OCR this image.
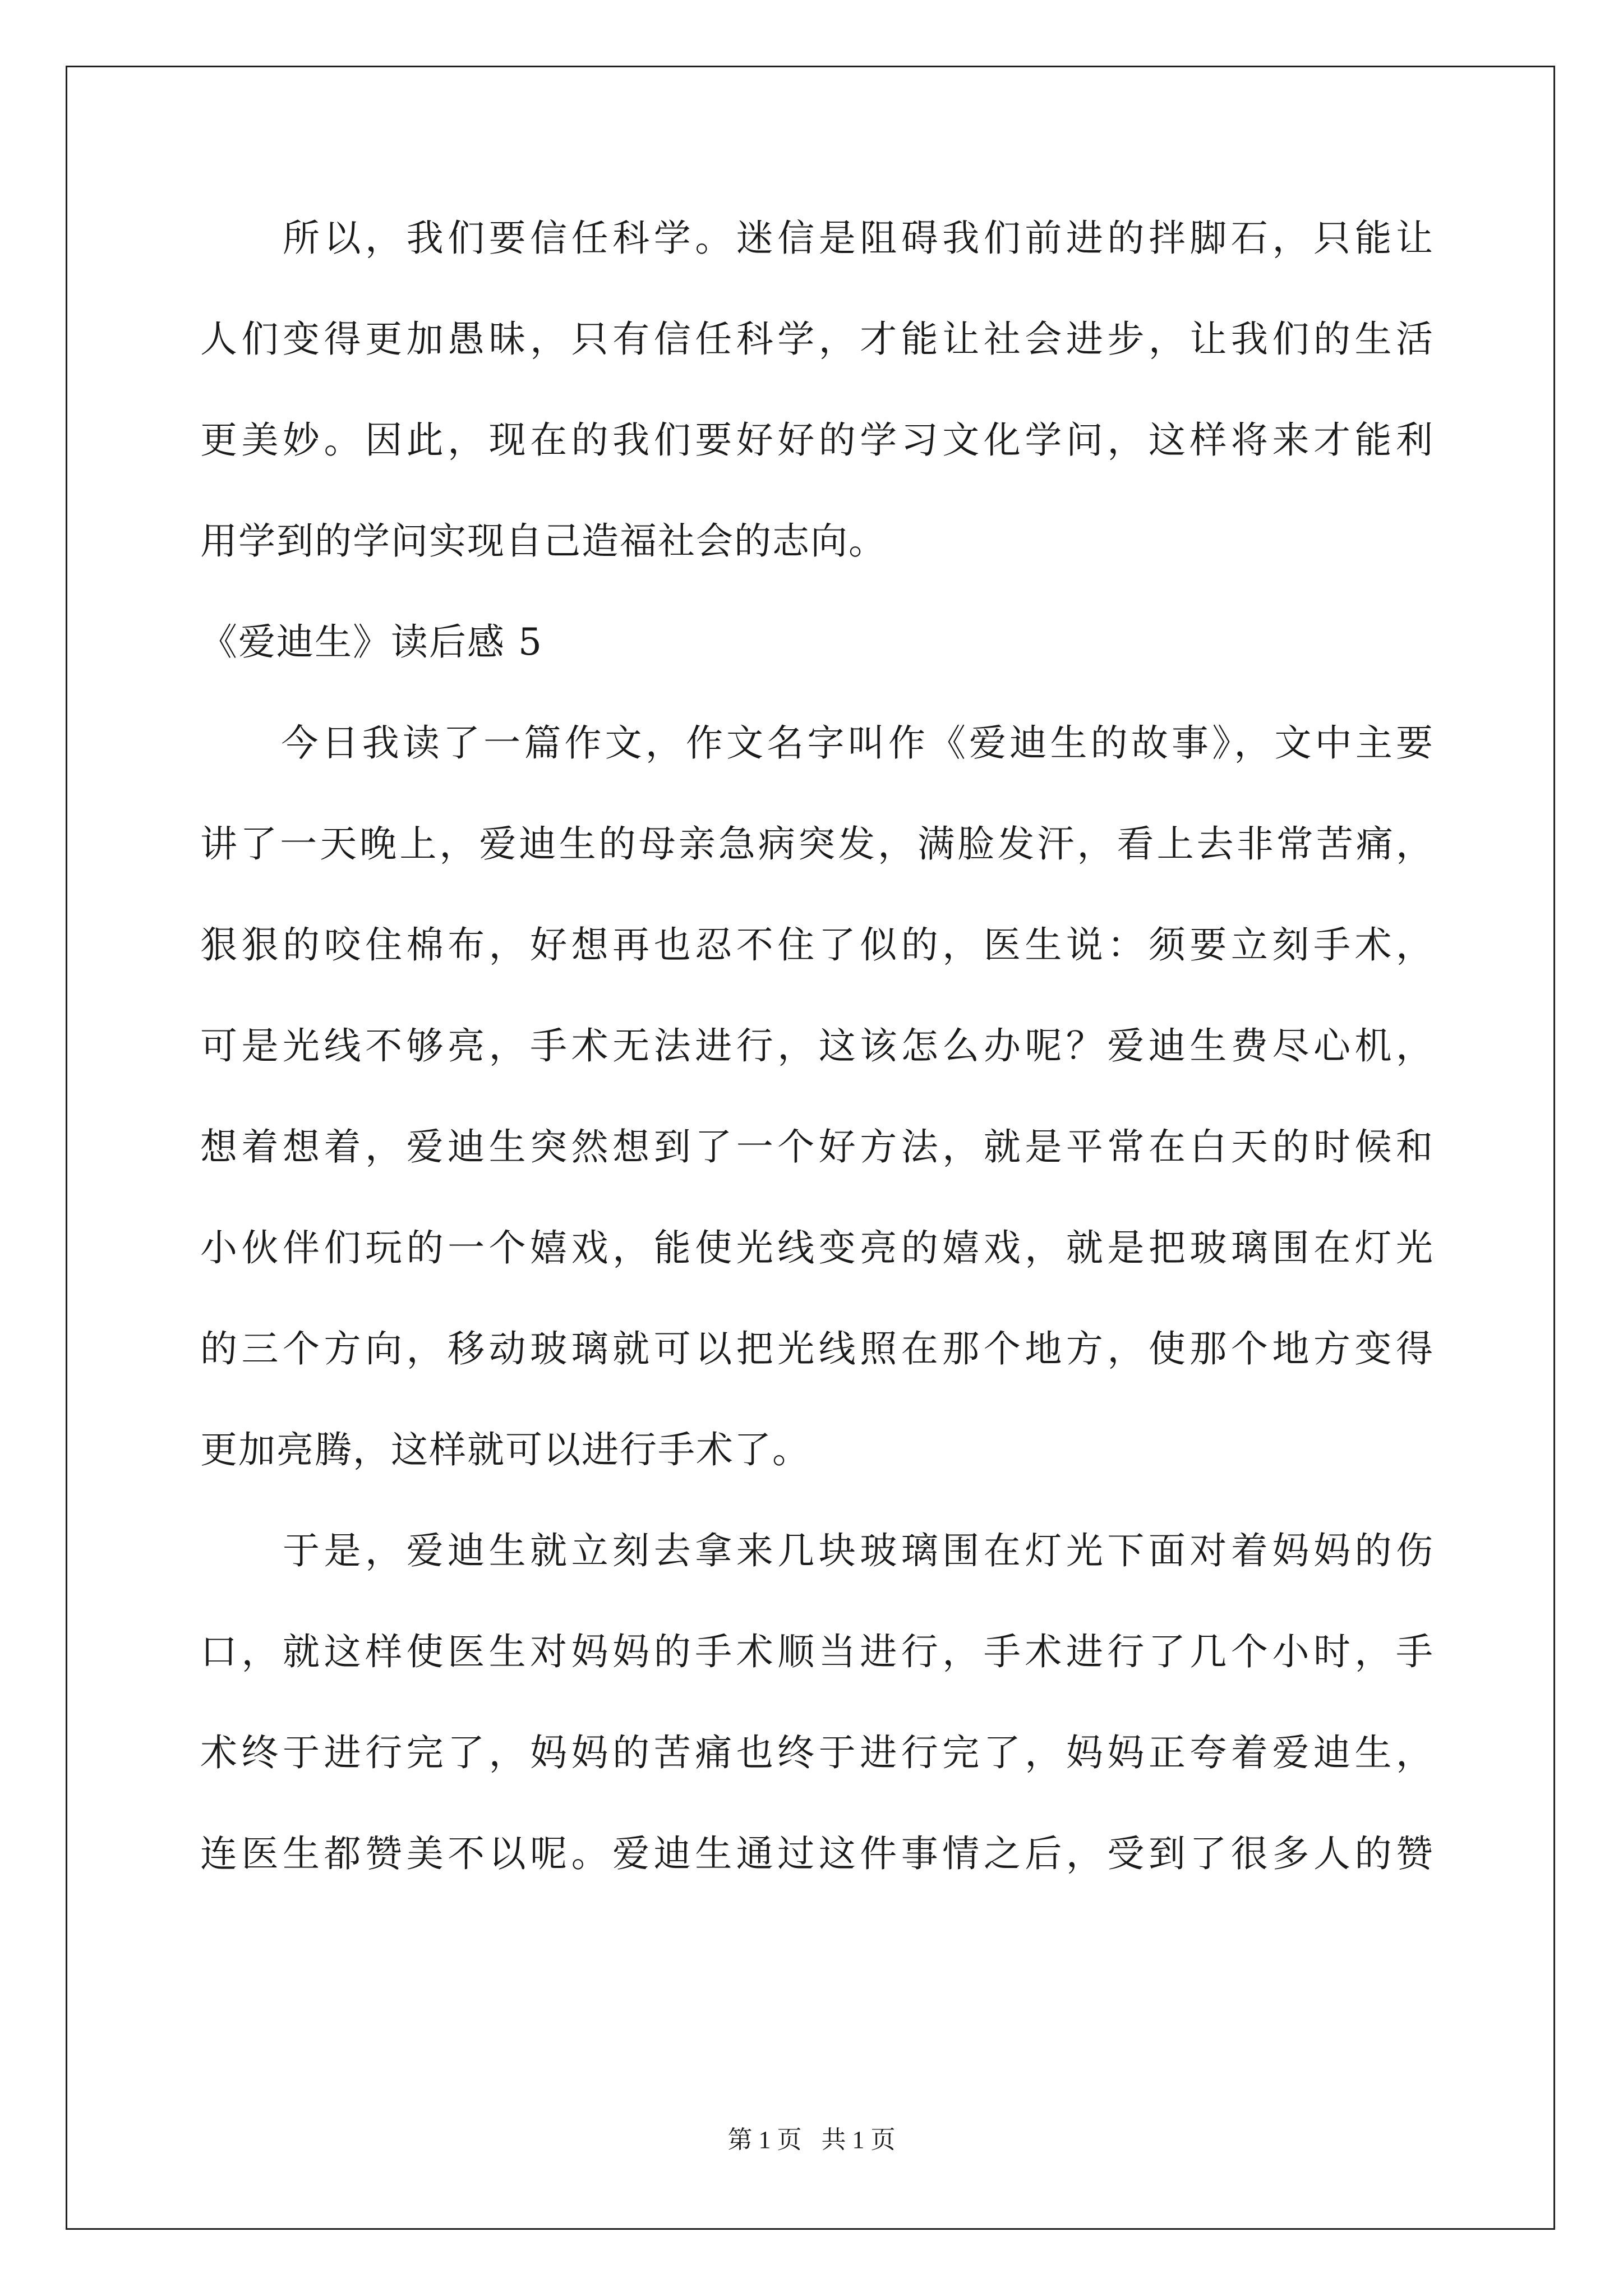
　　所以，我们要信任科学。迷信是阻碍我们前进的拌脚石，只能让
人们变得更加愚昧，只有信任科学，才能让社会进步，让我们的生活
更美妙。因此，现在的我们要好好的学习文化学问，这样将来才能利
用学到的学问实现自己造福社会的志向。
《爱迪生》读后感 5
　　今日我读了一篇作文，作文名字叫作《爱迪生的故事》，文中主要
讲了一天晚上，爱迪生的母亲急病突发，满脸发汗，看上去非常苦痛，
狠狠的咬住棉布，好想再也忍不住了似的，医生说：须要立刻手术，
可是光线不够亮，手术无法进行，这该怎么办呢？爱迪生费尽心机，
想着想着，爱迪生突然想到了一个好方法，就是平常在白天的时候和
小伙伴们玩的一个嬉戏，能使光线变亮的嬉戏，就是把玻璃围在灯光
的三个方向，移动玻璃就可以把光线照在那个地方，使那个地方变得
更加亮腾，这样就可以进行手术了。
　　于是，爱迪生就立刻去拿来几块玻璃围在灯光下面对着妈妈的伤
口，就这样使医生对妈妈的手术顺当进行，手术进行了几个小时，手
术终于进行完了，妈妈的苦痛也终于进行完了，妈妈正夸着爱迪生，
连医生都赞美不以呢。爱迪生通过这件事情之后，受到了很多人的赞
第 1 页 共 1 页
